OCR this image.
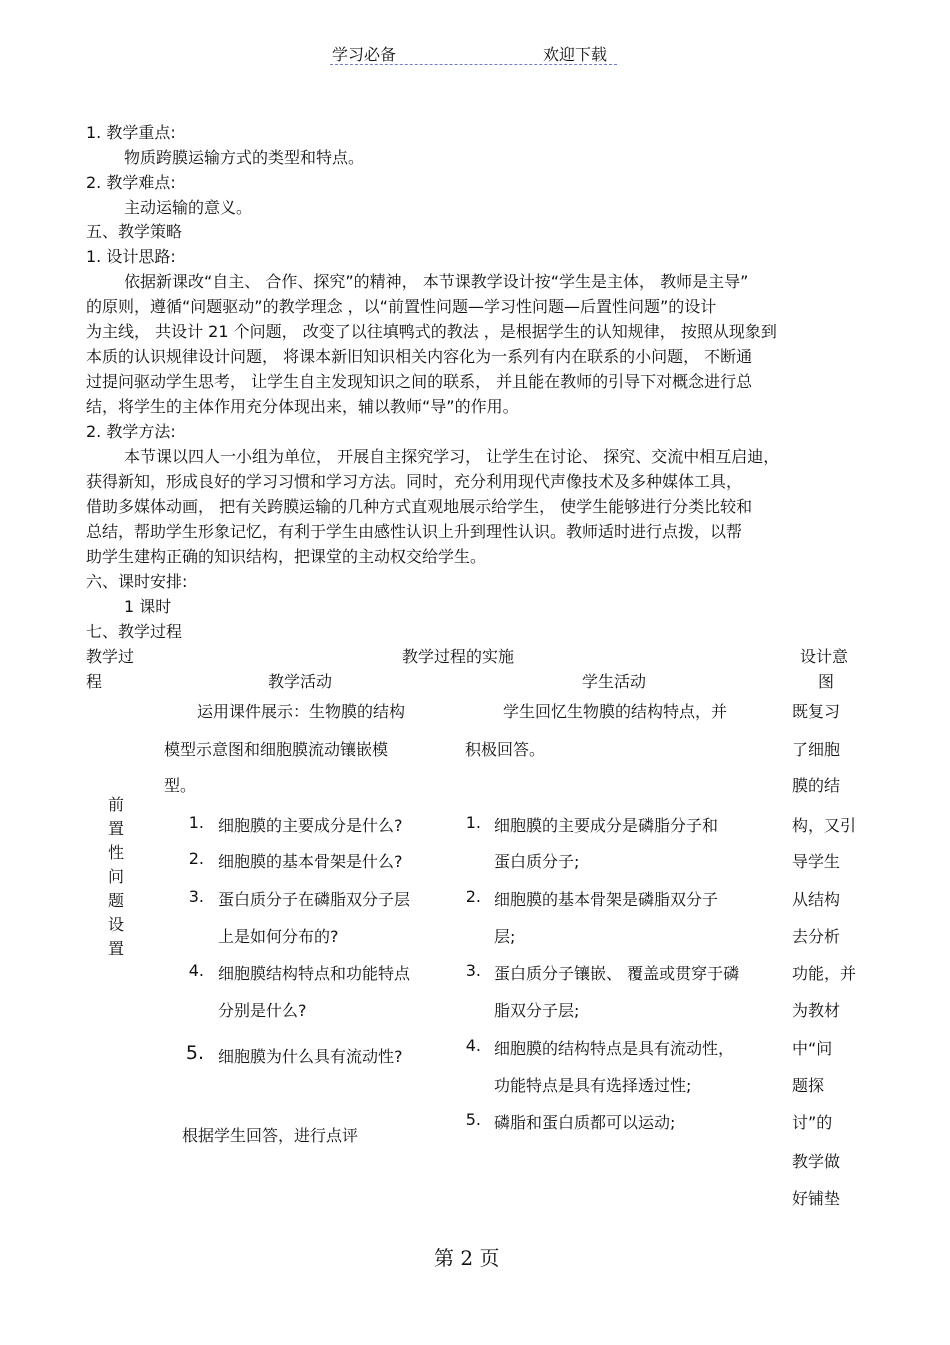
学习必备	欢迎下载
1. 教学重点:
物质跨膜运输方式的类型和特点。
2. 教学难点:
主动运输的意义。
五、教学策略
1. 设计思路:
依据新课改“自主、 合作、探究”的精神， 本节课教学设计按“学生是主体， 教师是主导”
的原则，遵循“问题驱动”的教学理念 ，以“前置性问题—学习性问题—后置性问题”的设计
为主线， 共设计 21 个问题， 改变了以往填鸭式的教法 ，是根据学生的认知规律， 按照从现象到
本质的认识规律设计问题， 将课本新旧知识相关内容化为一系列有内在联系的小问题， 不断通
过提问驱动学生思考， 让学生自主发现知识之间的联系， 并且能在教师的引导下对概念进行总
结，将学生的主体作用充分体现出来，辅以教师“导”的作用。
2. 教学方法:
本节课以四人一小组为单位， 开展自主探究学习， 让学生在讨论、 探究、交流中相互启迪，
获得新知，形成良好的学习习惯和学习方法。同时，充分利用现代声像技术及多种媒体工具，
借助多媒体动画， 把有关跨膜运输的几种方式直观地展示给学生， 使学生能够进行分类比较和
总结，帮助学生形象记忆，有利于学生由感性认识上升到理性认识。教师适时进行点拨，以帮
助学生建构正确的知识结构，把课堂的主动权交给学生。
六、课时安排:
1 课时
七、教学过程
教学过
程
教学过程的实施
教学活动	学生活动
设计意
图
前置性问题设置
运用课件展示：生物膜的结构
模型示意图和细胞膜流动镶嵌模
型。
1. 细胞膜的主要成分是什么?
2. 细胞膜的基本骨架是什么?
3. 蛋白质分子在磷脂双分子层
上是如何分布的?
4. 细胞膜结构特点和功能特点
分别是什么?
5. 细胞膜为什么具有流动性?
根据学生回答，进行点评
学生回忆生物膜的结构特点，并
积极回答。
1. 细胞膜的主要成分是磷脂分子和
蛋白质分子;
2. 细胞膜的基本骨架是磷脂双分子
层;
3. 蛋白质分子镶嵌、 覆盖或贯穿于磷
脂双分子层;
4. 细胞膜的结构特点是具有流动性，
功能特点是具有选择透过性;
5. 磷脂和蛋白质都可以运动;
既复习
了细胞
膜的结
构，又引
导学生
从结构
去分析
功能，并
为教材
中“问
题探
讨”的
教学做
好铺垫
第 2 页
